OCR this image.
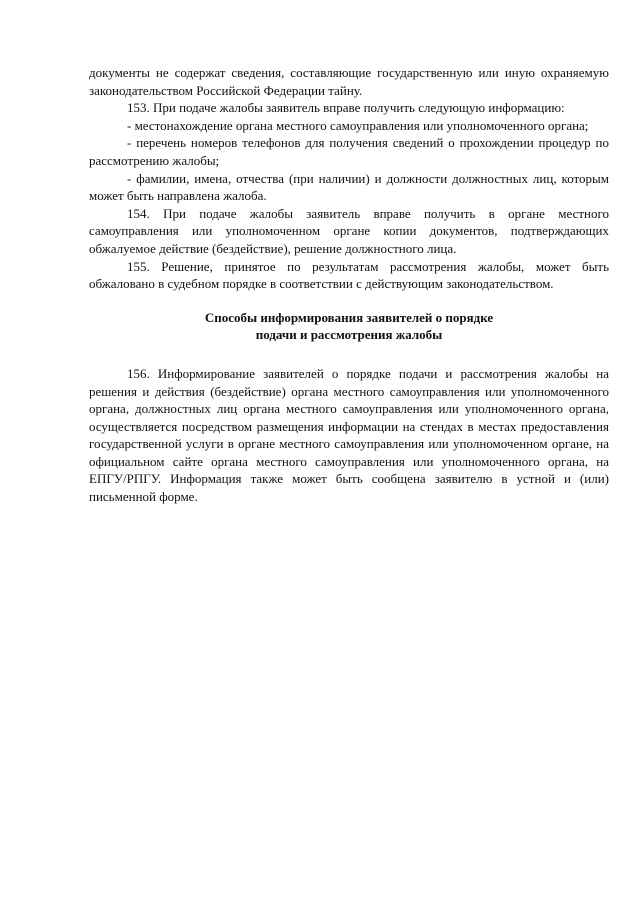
документы не содержат сведения, составляющие государственную или иную охраняемую законодательством Российской Федерации тайну.

153. При подаче жалобы заявитель вправе получить следующую информацию:

- местонахождение органа местного самоуправления или уполномоченного органа;

- перечень номеров телефонов для получения сведений о прохождении процедур по рассмотрению жалобы;

- фамилии, имена, отчества (при наличии) и должности должностных лиц, которым может быть направлена жалоба.

154. При подаче жалобы заявитель вправе получить в органе местного самоуправления или уполномоченном органе копии документов, подтверждающих обжалуемое действие (бездействие), решение должностного лица.

155. Решение, принятое по результатам рассмотрения жалобы, может быть обжаловано в судебном порядке в соответствии с действующим законодательством.

Способы информирования заявителей о порядке
подачи и рассмотрения жалобы

156. Информирование заявителей о порядке подачи и рассмотрения жалобы на решения и действия (бездействие) органа местного самоуправления или уполномоченного органа, должностных лиц органа местного самоуправления или уполномоченного органа, осуществляется посредством размещения информации на стендах в местах предоставления государственной услуги в органе местного самоуправления или уполномоченном органе, на официальном сайте органа местного самоуправления или уполномоченного органа, на ЕПГУ/РПГУ. Информация также может быть сообщена заявителю в устной и (или) письменной форме.
